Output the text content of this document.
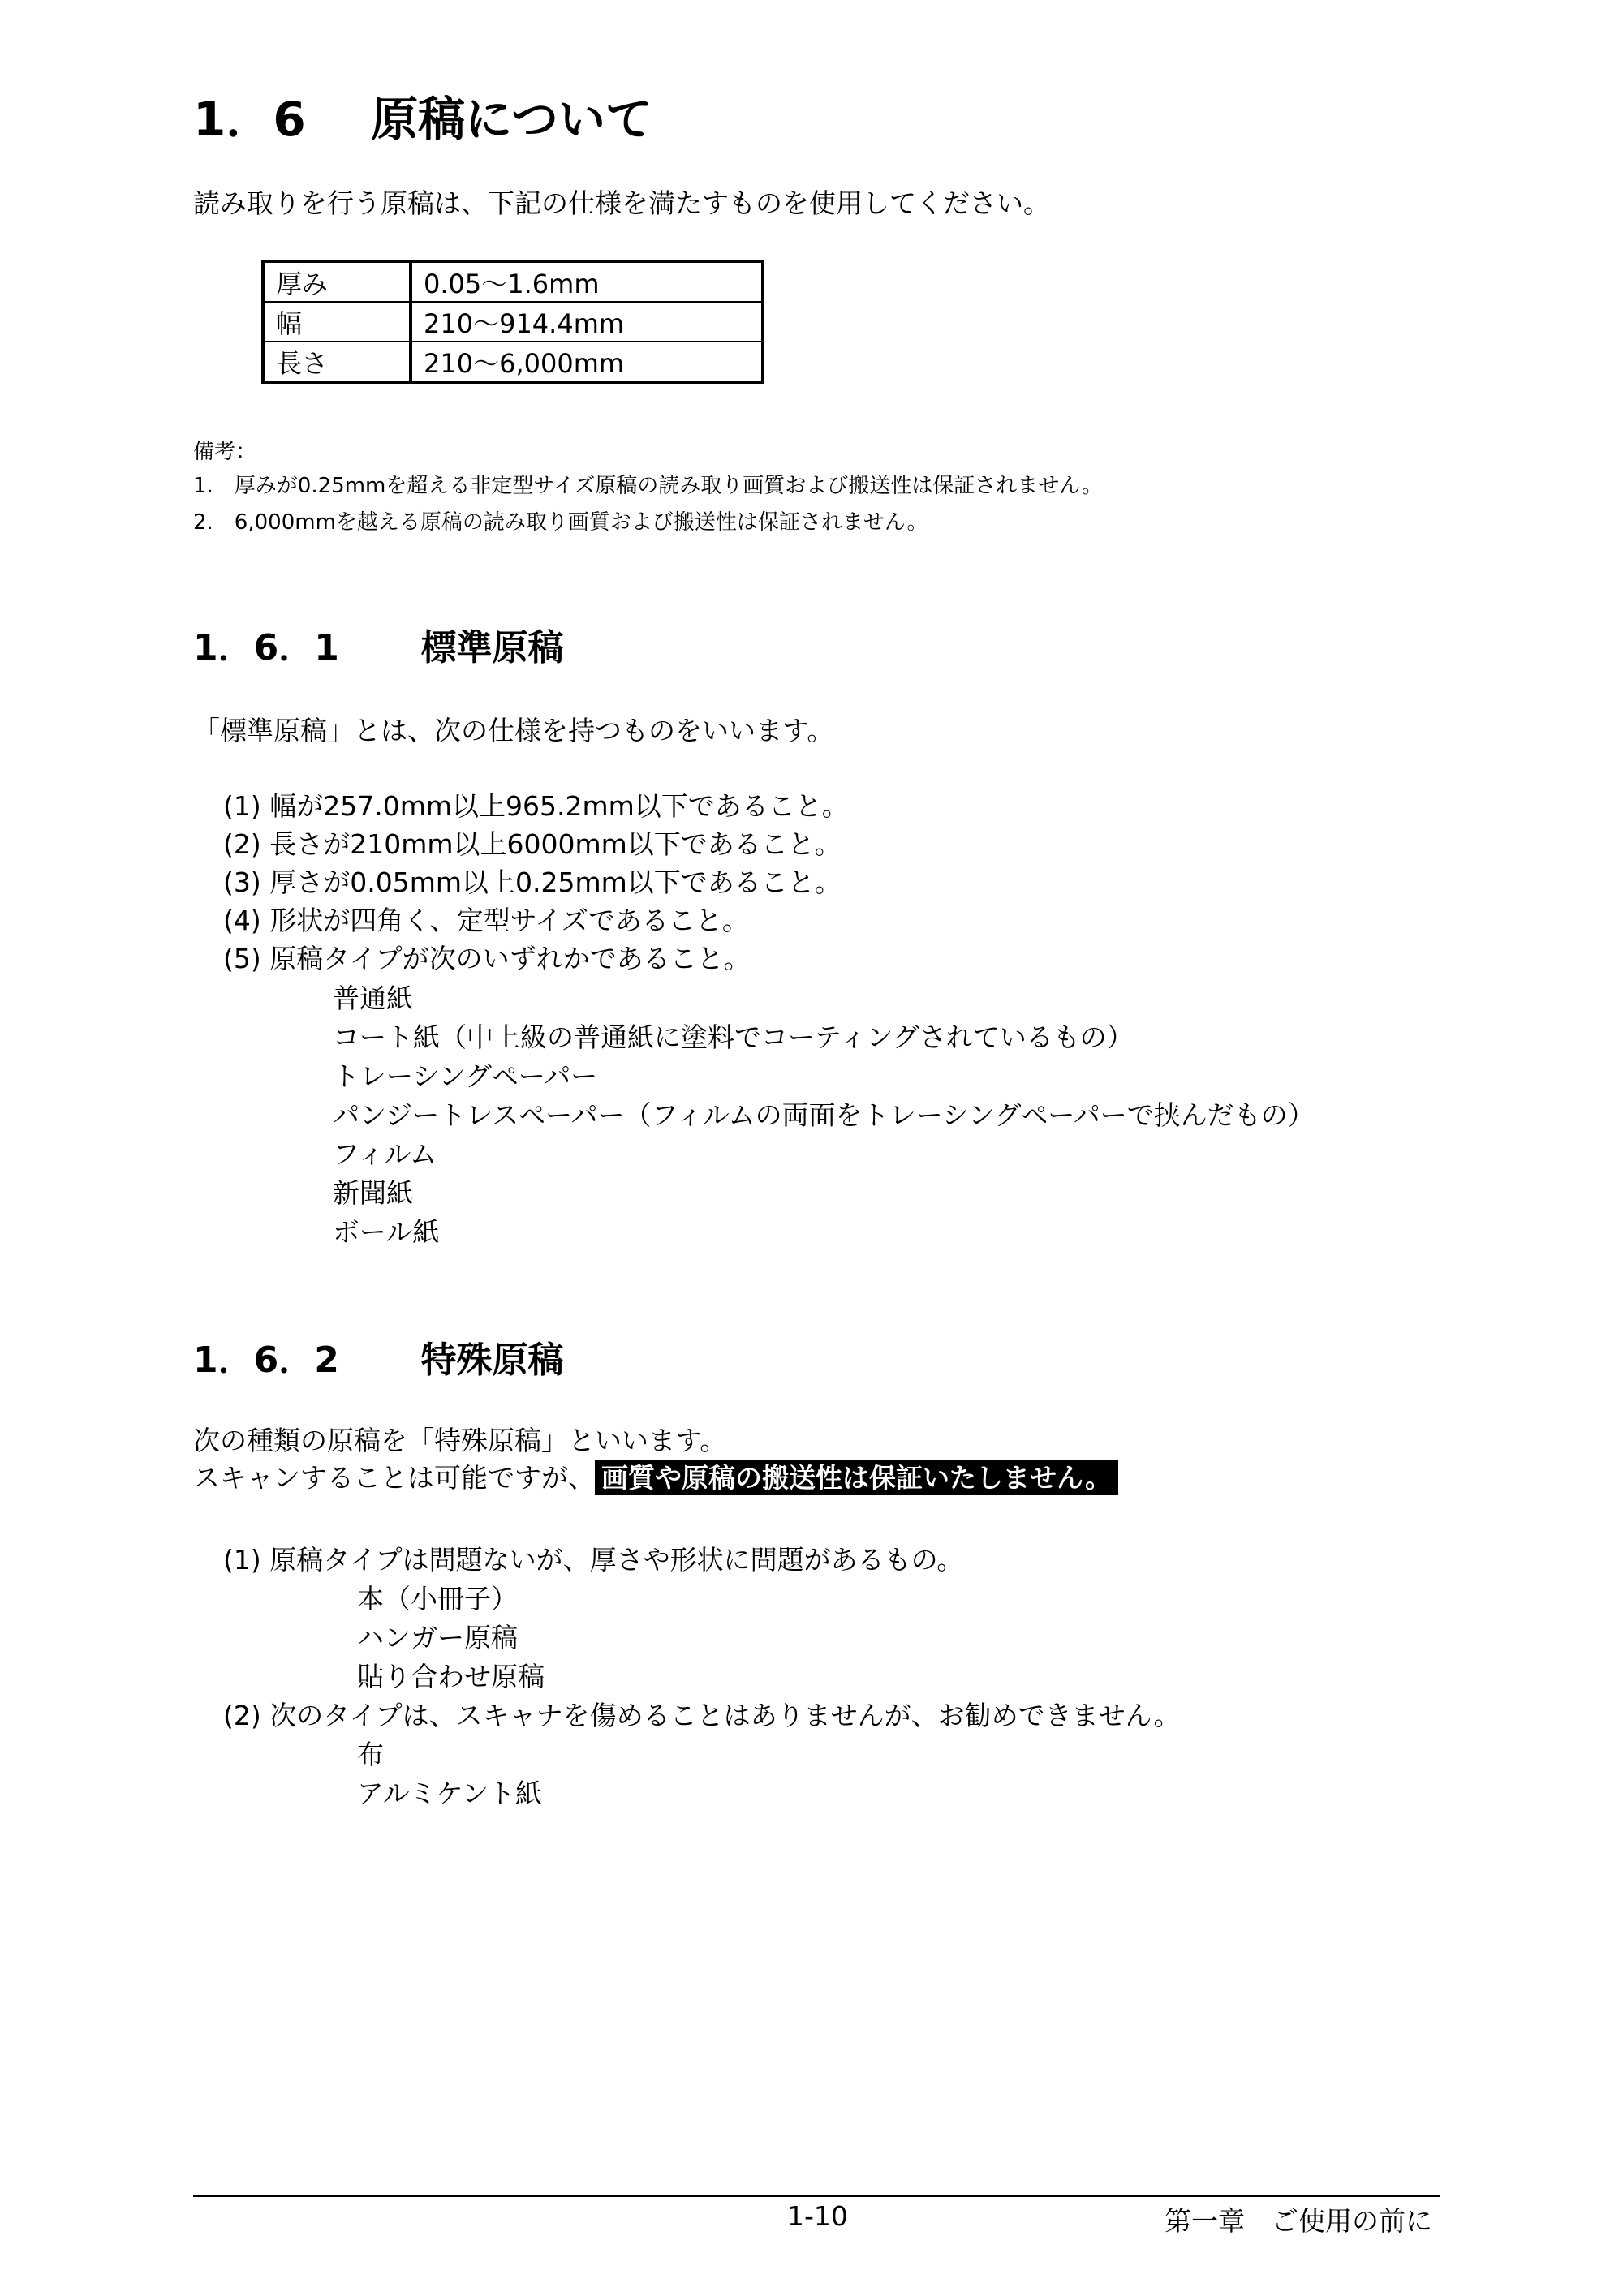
1．6 原稿について
読み取りを行う原稿は、下記の仕様を満たすものを使用してください。
厚み	0.05～1.6mm
幅	210～914.4mm
長さ	210～6,000mm
備考：
1.　厚みが0.25mmを超える非定型サイズ原稿の読み取り画質および搬送性は保証されません。
2.　6,000mmを越える原稿の読み取り画質および搬送性は保証されません。
1．6．1 標準原稿
「標準原稿」とは、次の仕様を持つものをいいます。
(1) 幅が257.0mm以上965.2mm以下であること。
(2) 長さが210mm以上6000mm以下であること。
(3) 厚さが0.05mm以上0.25mm以下であること。
(4) 形状が四角く、定型サイズであること。
(5) 原稿タイプが次のいずれかであること。
普通紙
コート紙（中上級の普通紙に塗料でコーティングされているもの）
トレーシングペーパー
パンジートレスペーパー（フィルムの両面をトレーシングペーパーで挟んだもの）
フィルム
新聞紙
ボール紙
1．6．2 特殊原稿
次の種類の原稿を「特殊原稿」といいます。
スキャンすることは可能ですが、 画質や原稿の搬送性は保証いたしません。
(1) 原稿タイプは問題ないが、厚さや形状に問題があるもの。
本（小冊子）
ハンガー原稿
貼り合わせ原稿
(2) 次のタイプは、スキャナを傷めることはありませんが、お勧めできません。
布
アルミケント紙
1-10	第一章　ご使用の前に
